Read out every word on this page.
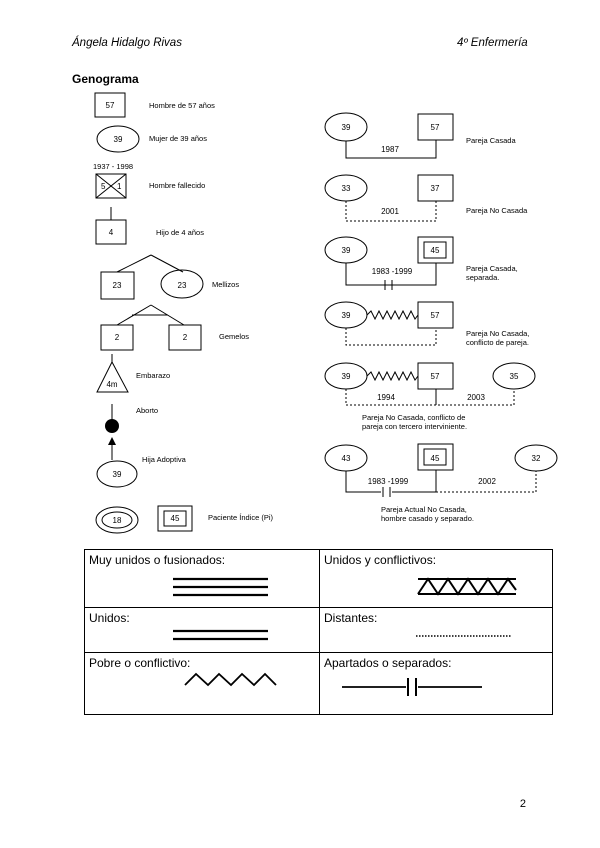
Ángela Hidalgo Rivas	4º Enfermería
Genograma
57	Hombre de 57 años
39	Mujer de 39 años
1937 - 1998
5 1	Hombre fallecido
4	Hijo de 4 años
23	23	Mellizos
2	2	Gemelos
4m
Embarazo
Aborto
39
Hija Adoptiva
18	45	Paciente Índice (Pi)
39	57
1987
Pareja Casada
33	37
2001	Pareja No Casada
39	45
1983 -1999	Pareja Casada,
separada.
39	57
Pareja No Casada,
conflicto de pareja.
39	57	35
1994	2003
Pareja No Casada, conflicto de
pareja con tercero interviniente.
43	45	32
1983 -1999	2002
Pareja Actual No Casada,
hombre casado y separado.
Muy unidos o fusionados:	Unidos y conflictivos:

Unidos:	Distantes:

Pobre o conflictivo:	Apartados o separados:
2
